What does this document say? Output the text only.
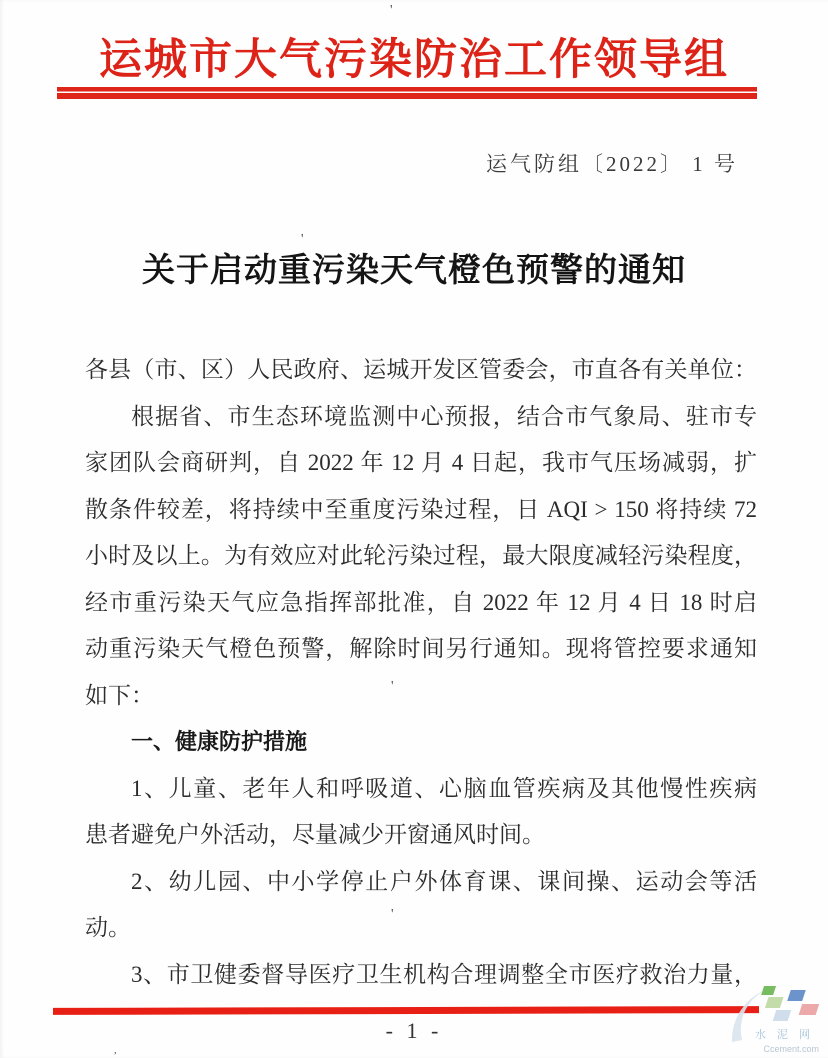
运城市大气污染防治工作领导组
运气防组〔2022〕 1 号
关于启动重污染天气橙色预警的通知
各县（市、区）人民政府、运城开发区管委会，市直各有关单位：
根据省、市生态环境监测中心预报，结合市气象局、驻市专
家团队会商研判，自 2022 年 12 月 4 日起，我市气压场减弱，扩
散条件较差，将持续中至重度污染过程，日 AQI > 150 将持续 72
小时及以上。为有效应对此轮污染过程，最大限度减轻污染程度，
经市重污染天气应急指挥部批准，自 2022 年 12 月 4 日 18 时启
动重污染天气橙色预警，解除时间另行通知。现将管控要求通知
如下：
一、健康防护措施
1、儿童、老年人和呼吸道、心脑血管疾病及其他慢性疾病
患者避免户外活动，尽量减少开窗通风时间。
2、幼儿园、中小学停止户外体育课、课间操、运动会等活
动。
3、市卫健委督导医疗卫生机构合理调整全市医疗救治力量，
- 1 -
'
'
'
'
,
水 泥 网
Ccement.com
